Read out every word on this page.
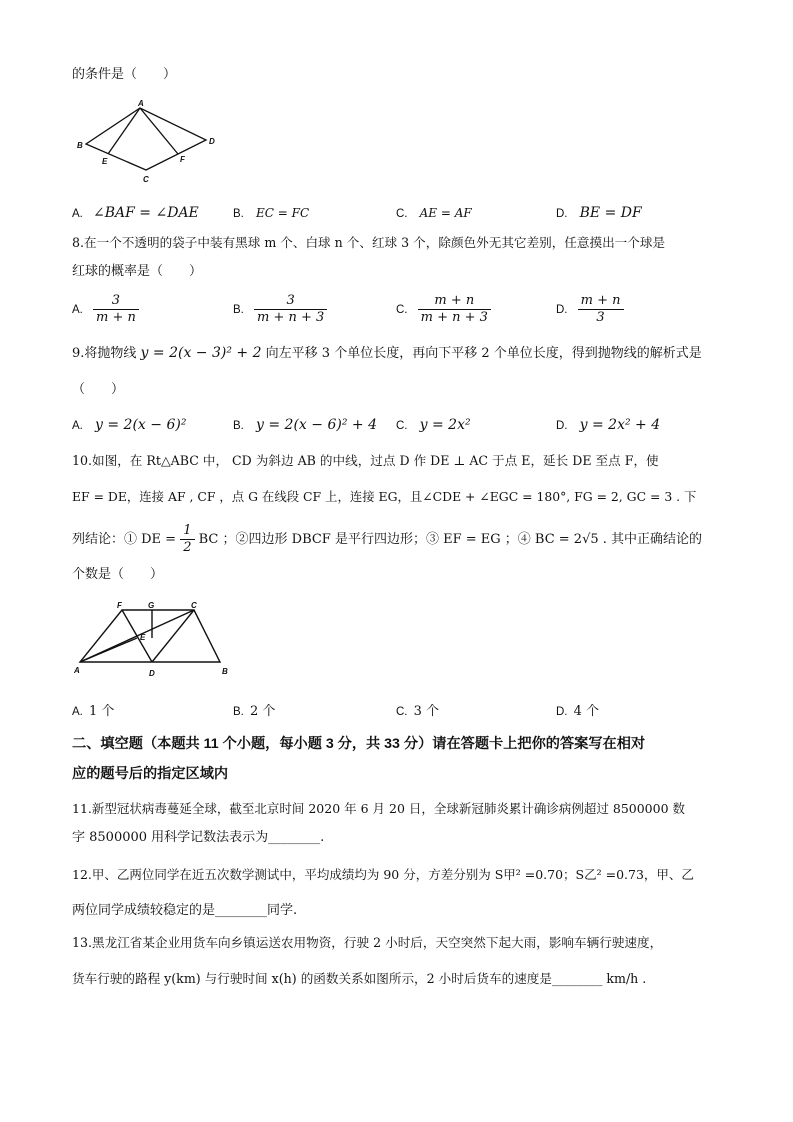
的条件是（　　）
A
B
C
D
E	F
A. ∠BAF = ∠DAE	B. EC = FC	C. AE = AF	D. BE = DF
8.在一个不透明的袋子中装有黑球 m 个、白球 n 个、红球 3 个，除颜色外无其它差别，任意摸出一个球是
红球的概率是（　　）
A. $\frac{3}{m + n}$	B. $\frac{3}{m + n + 3}$	C. $\frac{m + n}{m + n + 3}$	D. $\frac{m + n}{3}$
9.将抛物线 y = 2(x − 3)² + 2 向左平移 3 个单位长度，再向下平移 2 个单位长度，得到抛物线的解析式是
（　　）
A. y = 2(x − 6)²	B. y = 2(x − 6)² + 4 C. y = 2x²	D. y = 2x² + 4
10.如图，在 Rt△ABC 中， CD 为斜边 AB 的中线，过点 D 作 DE ⊥ AC 于点 E，延长 DE 至点 F，使
EF = DE，连接 AF , CF ，点 G 在线段 CF 上，连接 EG，且∠CDE + ∠EGC = 180°, FG = 2, GC = 3 . 下
列结论：① DE = $\frac{1}{2}$ BC ；②四边形 DBCF 是平行四边形；③ EF = EG ；④ BC = 2√5 . 其中正确结论的
个数是（　　）
F	G	C
E
A	D	B
A. 1 个	B. 2 个	C. 3 个	D. 4 个
二、填空题（本题共 11 个小题，每小题 3 分，共 33 分）请在答题卡上把你的答案写在相对
应的题号后的指定区域内
11.新型冠状病毒蔓延全球，截至北京时间 2020 年 6 月 20 日，全球新冠肺炎累计确诊病例超过 8500000 数
字 8500000 用科学记数法表示为________.
12.甲、乙两位同学在近五次数学测试中，平均成绩均为 90 分，方差分别为 S甲² =0.70；S乙² =0.73，甲、乙
两位同学成绩较稳定的是________同学.
13.黑龙江省某企业用货车向乡镇运送农用物资，行驶 2 小时后，天空突然下起大雨，影响车辆行驶速度，
货车行驶的路程 y(km) 与行驶时间 x(h) 的函数关系如图所示，2 小时后货车的速度是________ km/h .
